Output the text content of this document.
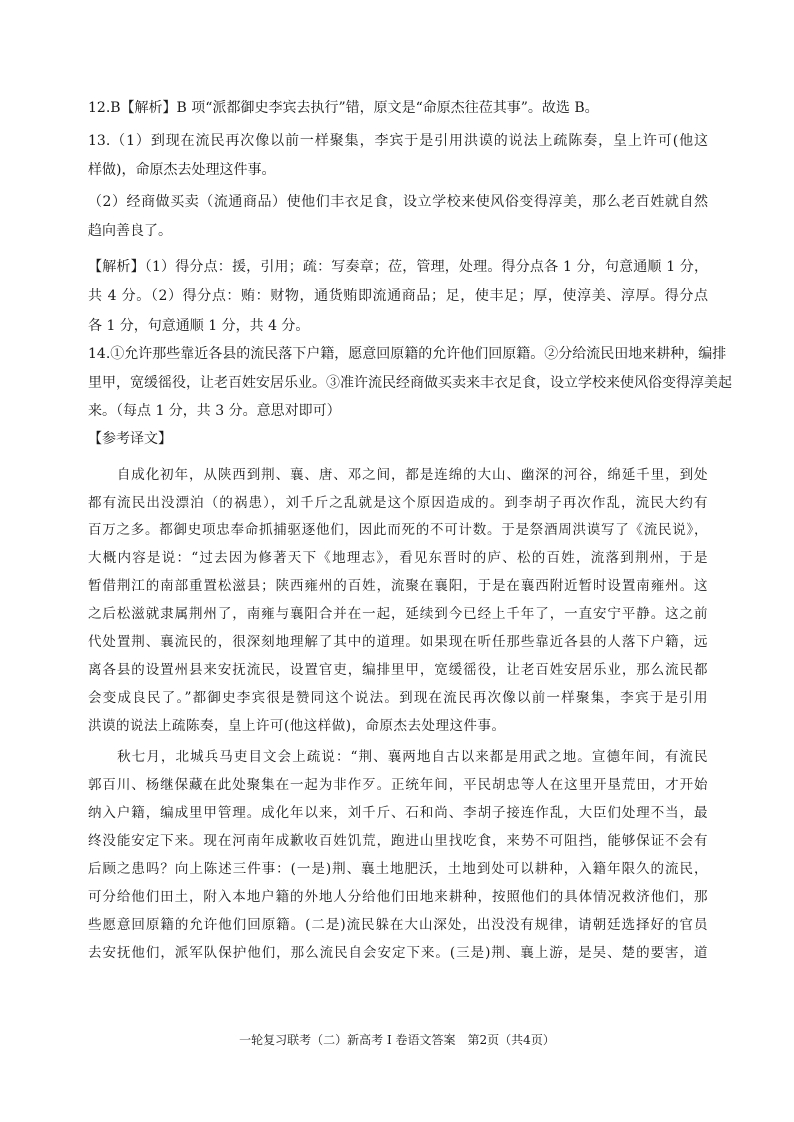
12.B【解析】B 项“派都御史李宾去执行”错，原文是“命原杰往莅其事”。故选 B。
13.（1）到现在流民再次像以前一样聚集，李宾于是引用洪谟的说法上疏陈奏，皇上许可(他这
样做)，命原杰去处理这件事。
（2）经商做买卖（流通商品）使他们丰衣足食，设立学校来使风俗变得淳美，那么老百姓就自然
趋向善良了。
【解析】（1）得分点：援，引用；疏：写奏章；莅，管理，处理。得分点各 1 分，句意通顺 1 分，
共 4 分。（2）得分点：贿：财物，通货贿即流通商品；足，使丰足；厚，使淳美、淳厚。得分点
各 1 分，句意通顺 1 分，共 4 分。
14.①允许那些靠近各县的流民落下户籍，愿意回原籍的允许他们回原籍。②分给流民田地来耕种，编排
里甲，宽缓徭役，让老百姓安居乐业。③准许流民经商做买卖来丰衣足食，设立学校来使风俗变得淳美起
来。（每点 1 分，共 3 分。意思对即可）
【参考译文】
　　自成化初年，从陕西到荆、襄、唐、邓之间，都是连绵的大山、幽深的河谷，绵延千里，到处
都有流民出没漂泊（的祸患），刘千斤之乱就是这个原因造成的。到李胡子再次作乱，流民大约有
百万之多。都御史项忠奉命抓捕驱逐他们，因此而死的不可计数。于是祭酒周洪谟写了《流民说》，
大概内容是说：“过去因为修著天下《地理志》，看见东晋时的庐、松的百姓，流落到荆州，于是
暂借荆江的南部重置松滋县；陕西雍州的百姓，流聚在襄阳，于是在襄西附近暂时设置南雍州。这
之后松滋就隶属荆州了，南雍与襄阳合并在一起，延续到今已经上千年了，一直安宁平静。这之前
代处置荆、襄流民的，很深刻地理解了其中的道理。如果现在听任那些靠近各县的人落下户籍，远
离各县的设置州县来安抚流民，设置官吏，编排里甲，宽缓徭役，让老百姓安居乐业，那么流民都
会变成良民了。”都御史李宾很是赞同这个说法。到现在流民再次像以前一样聚集，李宾于是引用
洪谟的说法上疏陈奏，皇上许可(他这样做)，命原杰去处理这件事。
　　秋七月，北城兵马吏目文会上疏说：“荆、襄两地自古以来都是用武之地。宣德年间，有流民
郭百川、杨继保藏在此处聚集在一起为非作歹。正统年间，平民胡忠等人在这里开垦荒田，才开始
纳入户籍，编成里甲管理。成化年以来，刘千斤、石和尚、李胡子接连作乱，大臣们处理不当，最
终没能安定下来。现在河南年成歉收百姓饥荒，跑进山里找吃食，来势不可阻挡，能够保证不会有
后顾之患吗？向上陈述三件事：(一是)荆、襄土地肥沃，土地到处可以耕种，入籍年限久的流民，
可分给他们田土，附入本地户籍的外地人分给他们田地来耕种，按照他们的具体情况救济他们，那
些愿意回原籍的允许他们回原籍。(二是)流民躲在大山深处，出没没有规律，请朝廷选择好的官员
去安抚他们，派军队保护他们，那么流民自会安定下来。(三是)荆、襄上游，是吴、楚的要害，道
一轮复习联考（二）新高考 I 卷语文答案　第2页（共4页）
